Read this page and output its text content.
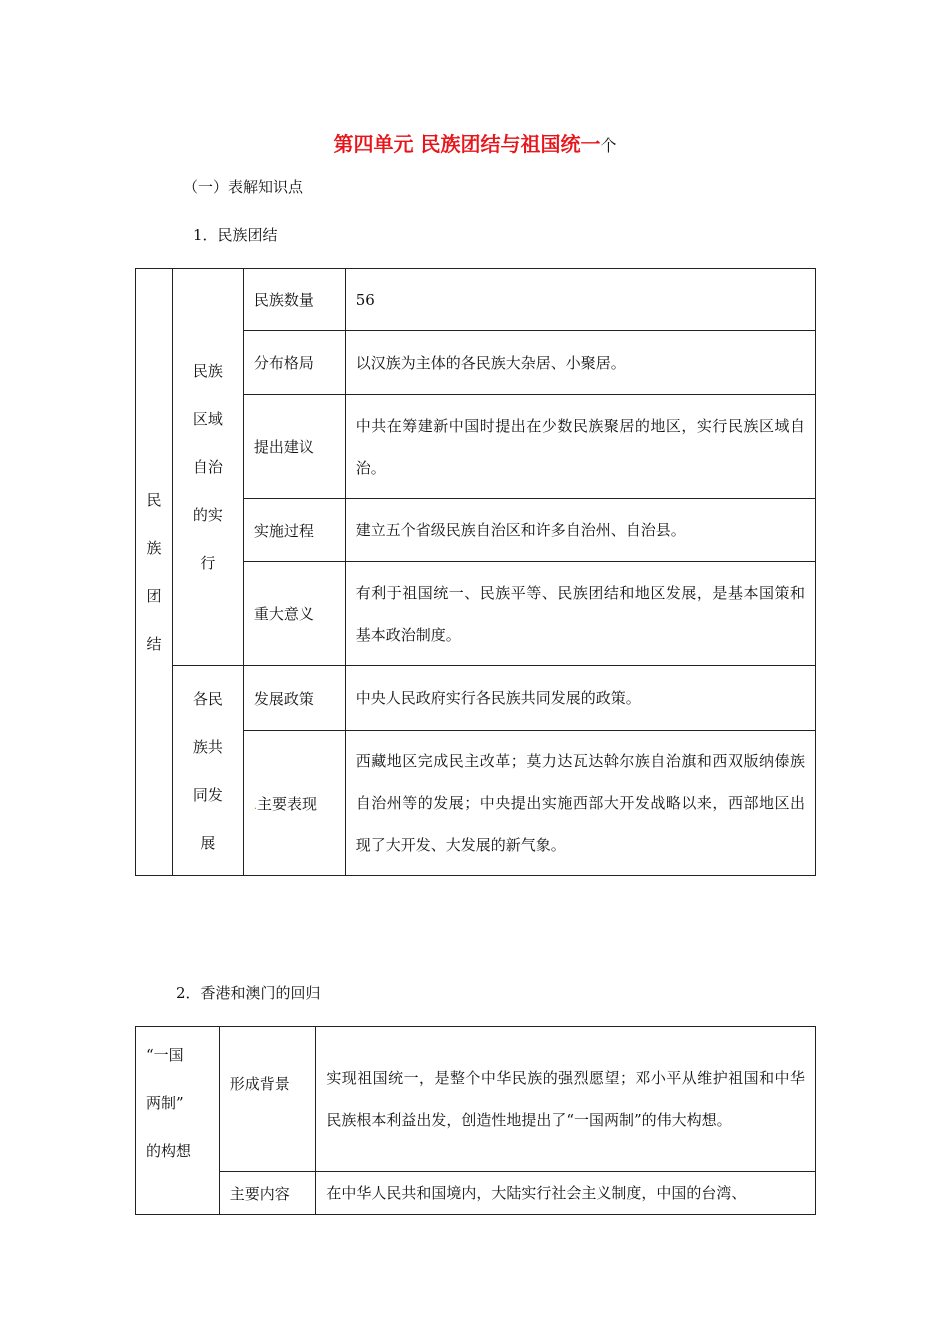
第四单元 民族团结与祖国统一个
（一）表解知识点
1．民族团结
民
族
团
结	民族
区域
自治
的实
行	民族数量	56
		分布格局	以汉族为主体的各民族大杂居、小聚居。
		提出建议	中共在筹建新中国时提出在少数民族聚居的地区，实行民族区域自治。
		实施过程	建立五个省级民族自治区和许多自治州、自治县。
		重大意义	有利于祖国统一、民族平等、民族团结和地区发展，是基本国策和基本政治制度。

	各民
族共
同发
展	发展政策	中央人民政府实行各民族共同发展的政策。
		.主要表现	西藏地区完成民主改革；莫力达瓦达斡尔族自治旗和西双版纳傣族自治州等的发展；中央提出实施西部大开发战略以来，西部地区出现了大开发、大发展的新气象。
2．香港和澳门的回归
“一国
两制”
的构想	形成背景	实现祖国统一，是整个中华民族的强烈愿望；邓小平从维护祖国和中华民族根本利益出发，创造性地提出了“一国两制”的伟大构想。
	主要内容	在中华人民共和国境内，大陆实行社会主义制度，中国的台湾、
